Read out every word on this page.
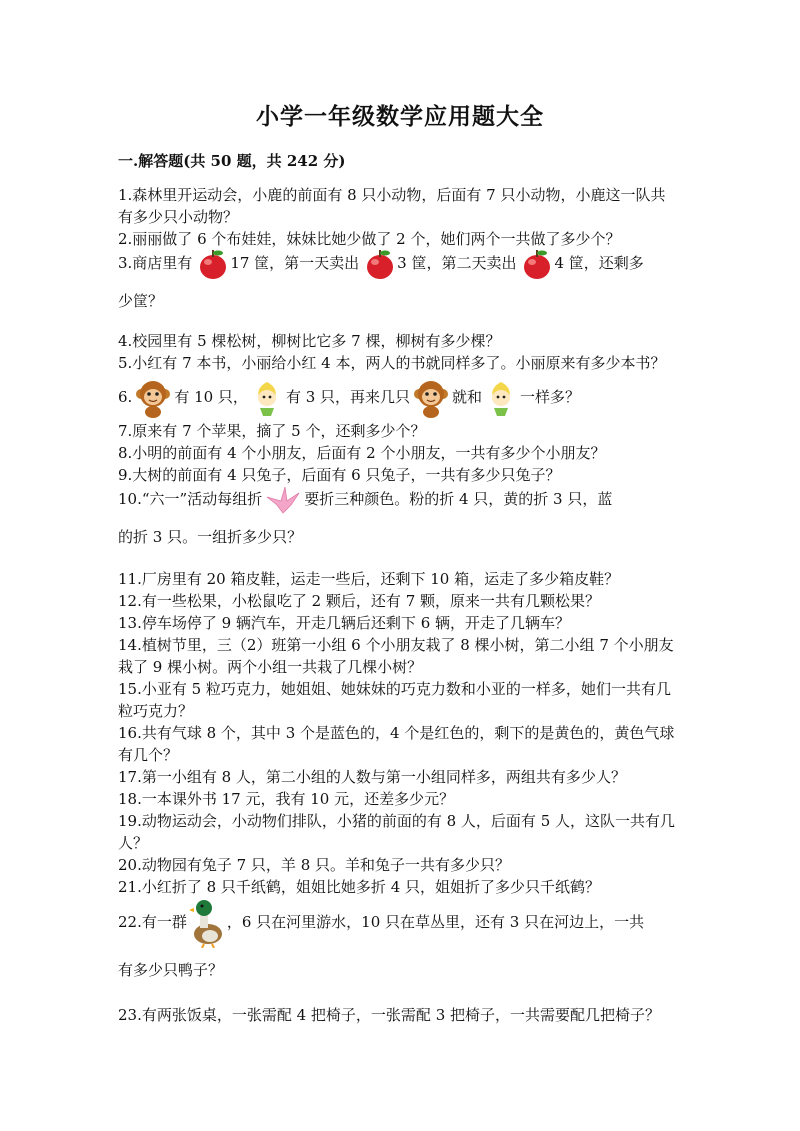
小学一年级数学应用题大全
一.解答题(共 50 题，共 242 分)

1.森林里开运动会，小鹿的前面有 8 只小动物，后面有 7 只小动物，小鹿这一队共有多少只小动物？

2.丽丽做了 6 个布娃娃，妹妹比她少做了 2 个，她们两个一共做了多少个？

3.商店里有	17 筐，第一天卖出	3 筐，第二天卖出	4 筐，还剩多
少筐？

4.校园里有 5 棵松树，柳树比它多 7 棵，柳树有多少棵？

5.小红有 7 本书，小丽给小红 4 本，两人的书就同样多了。小丽原来有多少本书？

6.	有 10 只，	有 3 只，再来几只	就和	一样多？

7.原来有 7 个苹果，摘了 5 个，还剩多少个？

8.小明的前面有 4 个小朋友，后面有 2 个小朋友，一共有多少个小朋友？

9.大树的前面有 4 只兔子，后面有 6 只兔子，一共有多少只兔子？

10.“六一”活动每组折	要折三种颜色。粉的折 4 只，黄的折 3 只，蓝
的折 3 只。一组折多少只？

11.厂房里有 20 箱皮鞋，运走一些后，还剩下 10 箱，运走了多少箱皮鞋？

12.有一些松果，小松鼠吃了 2 颗后，还有 7 颗，原来一共有几颗松果？

13.停车场停了 9 辆汽车，开走几辆后还剩下 6 辆，开走了几辆车？

14.植树节里，三（2）班第一小组 6 个小朋友栽了 8 棵小树，第二小组 7 个小朋友栽了 9 棵小树。两个小组一共栽了几棵小树？

15.小亚有 5 粒巧克力，她姐姐、她妹妹的巧克力数和小亚的一样多，她们一共有几粒巧克力？

16.共有气球 8 个，其中 3 个是蓝色的，4 个是红色的，剩下的是黄色的，黄色气球有几个？

17.第一小组有 8 人，第二小组的人数与第一小组同样多，两组共有多少人？

18.一本课外书 17 元，我有 10 元，还差多少元？

19.动物运动会，小动物们排队，小猪的前面的有 8 人，后面有 5 人，这队一共有几人？

20.动物园有兔子 7 只，羊 8 只。羊和兔子一共有多少只？

21.小红折了 8 只千纸鹤，姐姐比她多折 4 只，姐姐折了多少只千纸鹤？

22.有一群	，6 只在河里游水，10 只在草丛里，还有 3 只在河边上，一共
有多少只鸭子？

23.有两张饭桌，一张需配 4 把椅子，一张需配 3 把椅子，一共需要配几把椅子？
